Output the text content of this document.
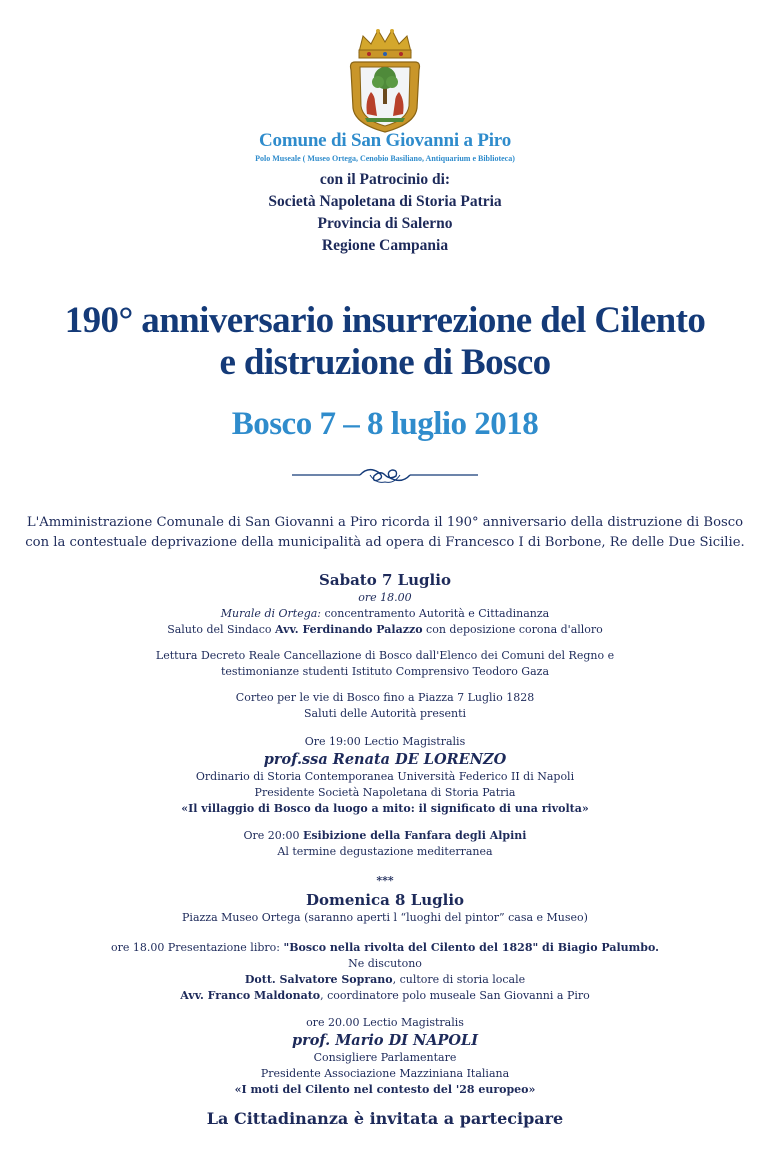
Comune di San Giovanni a Piro
Polo Museale ( Museo Ortega, Cenobio Basiliano, Antiquarium e Biblioteca)
con il Patrocinio di:
Società Napoletana di Storia Patria
Provincia di Salerno
Regione Campania
190° anniversario insurrezione del Cilento
e distruzione di Bosco
Bosco 7 – 8 luglio 2018
L'Amministrazione Comunale di San Giovanni a Piro ricorda il 190° anniversario della distruzione di Bosco
con la contestuale deprivazione della municipalità ad opera di Francesco I di Borbone, Re delle Due Sicilie.
Sabato 7 Luglio
ore 18.00
Murale di Ortega: concentramento Autorità e Cittadinanza
Saluto del Sindaco Avv. Ferdinando Palazzo con deposizione corona d'alloro
Lettura Decreto Reale Cancellazione di Bosco dall'Elenco dei Comuni del Regno e
testimonianze studenti Istituto Comprensivo Teodoro Gaza
Corteo per le vie di Bosco fino a Piazza 7 Luglio 1828
Saluti delle Autorità presenti
Ore 19:00 Lectio Magistralis
prof.ssa Renata DE LORENZO
Ordinario di Storia Contemporanea Università Federico II di Napoli
Presidente Società Napoletana di Storia Patria
«Il villaggio di Bosco da luogo a mito: il significato di una rivolta»
Ore 20:00 Esibizione della Fanfara degli Alpini
Al termine degustazione mediterranea
***
Domenica 8 Luglio
Piazza Museo Ortega (saranno aperti l “luoghi del pintor” casa e Museo)
ore 18.00 Presentazione libro: "Bosco nella rivolta del Cilento del 1828" di Biagio Palumbo.
Ne discutono
Dott. Salvatore Soprano, cultore di storia locale
Avv. Franco Maldonato, coordinatore polo museale San Giovanni a Piro
ore 20.00 Lectio Magistralis
prof. Mario DI NAPOLI
Consigliere Parlamentare
Presidente Associazione Mazziniana Italiana
«I moti del Cilento nel contesto del '28 europeo»
La Cittadinanza è invitata a partecipare
